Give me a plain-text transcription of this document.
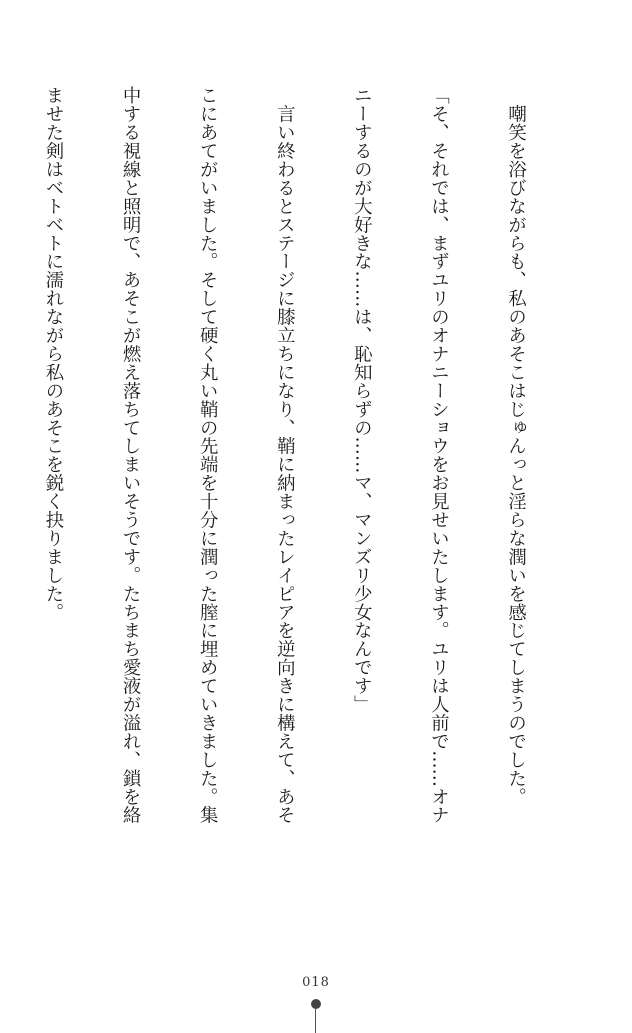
　嘲笑を浴びながらも、私のあそこはじゅんっと淫らな潤いを感じてしまうのでした。

「そ、それでは、まずユリのオナニーショウをお見せいたします。ユリは人前で……オナ

ニーするのが大好きな……は、恥知らずの……マ、マンズリ少女なんです」

　言い終わるとステージに膝立ちになり、鞘に納まったレイピアを逆向きに構えて、あそ

こにあてがいました。そして硬く丸い鞘の先端を十分に潤った膣に埋めていきました。集

中する視線と照明で、あそこが燃え落ちてしまいそうです。たちまち愛液が溢れ、鎖を絡

ませた剣はベトベトに濡れながら私のあそこを鋭く抉りました。

018
